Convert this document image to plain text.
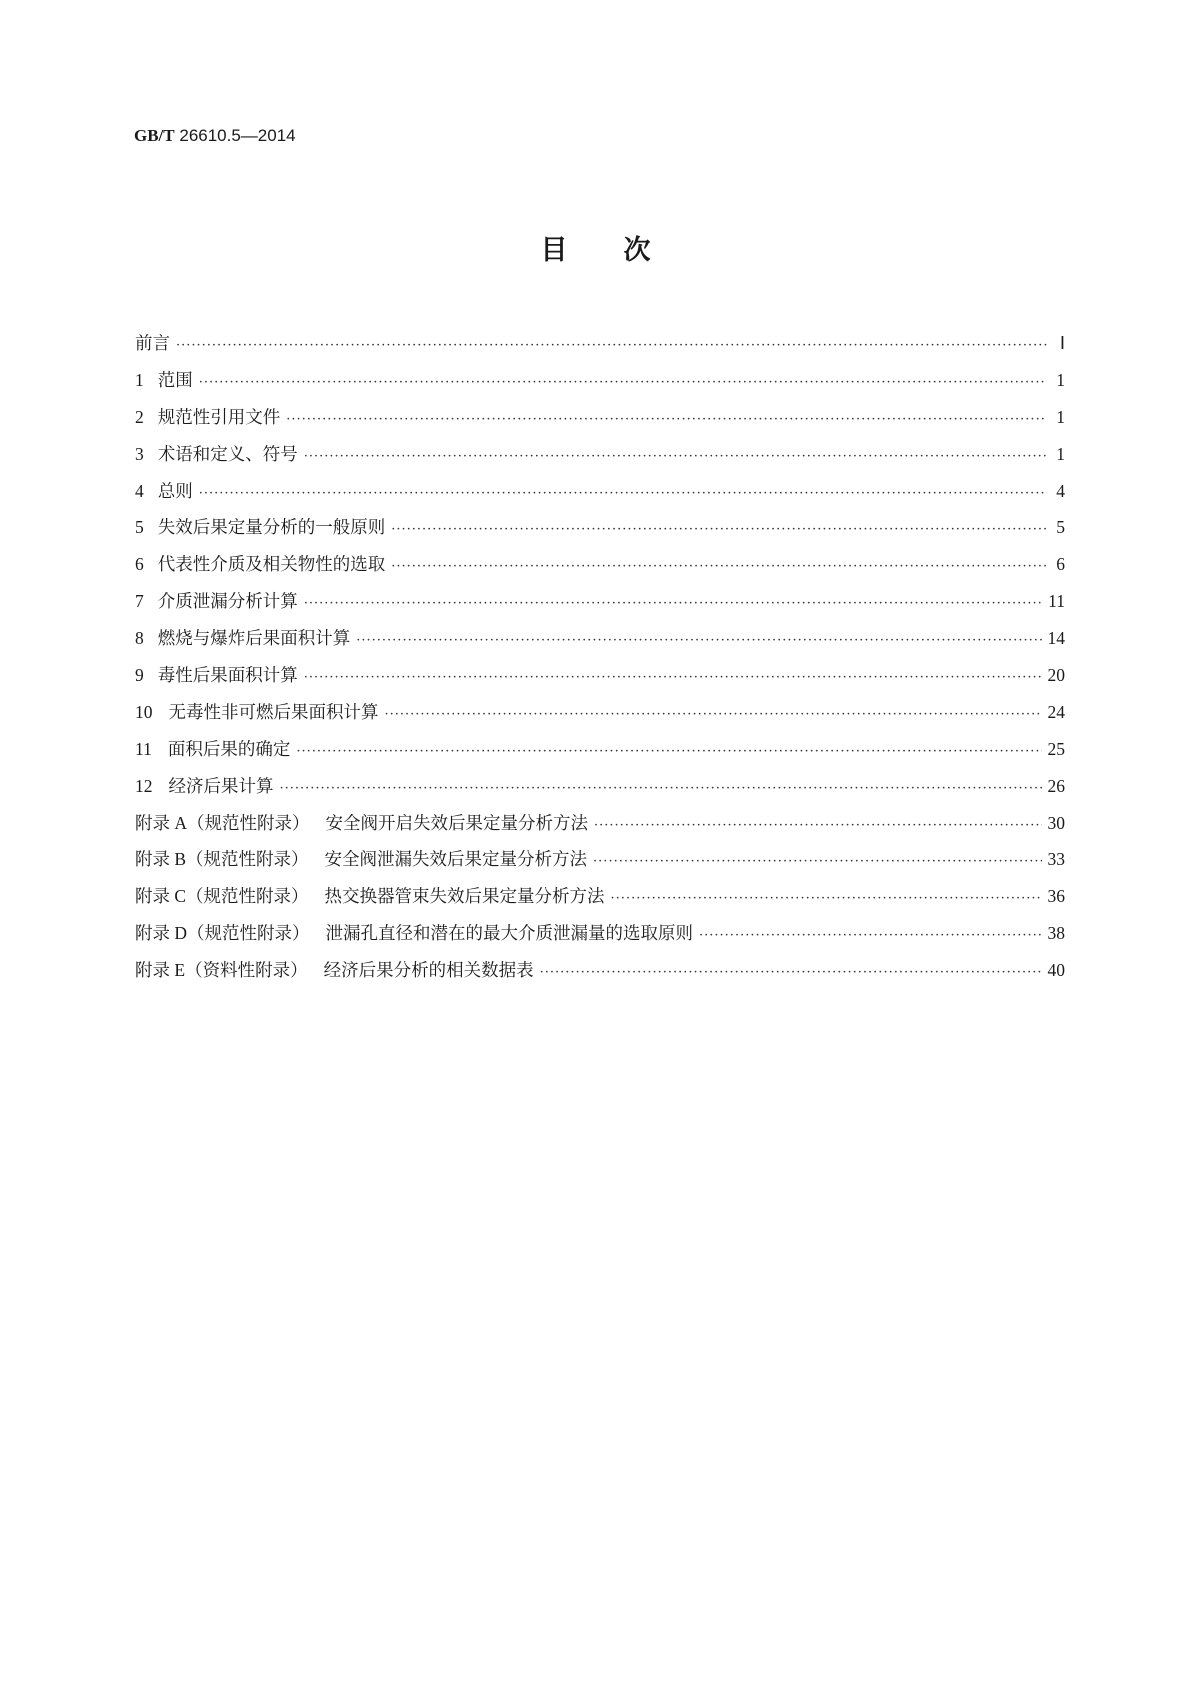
GB/T 26610.5—2014
目 次
前言 ·····	Ⅰ
1 范围 ·····	1
2 规范性引用文件 ·····	1
3 术语和定义、符号 ·····	1
4 总则 ·····	4
5 失效后果定量分析的一般原则 ·····	5
6 代表性介质及相关物性的选取 ·····	6
7 介质泄漏分析计算 ·····	11
8 燃烧与爆炸后果面积计算 ·····	14
9 毒性后果面积计算 ·····	20
10 无毒性非可燃后果面积计算 ·····	24
11 面积后果的确定 ·····	25
12 经济后果计算 ·····	26
附录 A（规范性附录） 安全阀开启失效后果定量分析方法 ·····	30
附录 B（规范性附录） 安全阀泄漏失效后果定量分析方法 ·····	33
附录 C（规范性附录） 热交换器管束失效后果定量分析方法 ·····	36
附录 D（规范性附录） 泄漏孔直径和潜在的最大介质泄漏量的选取原则 ·····	38
附录 E（资料性附录） 经济后果分析的相关数据表 ·····	40
